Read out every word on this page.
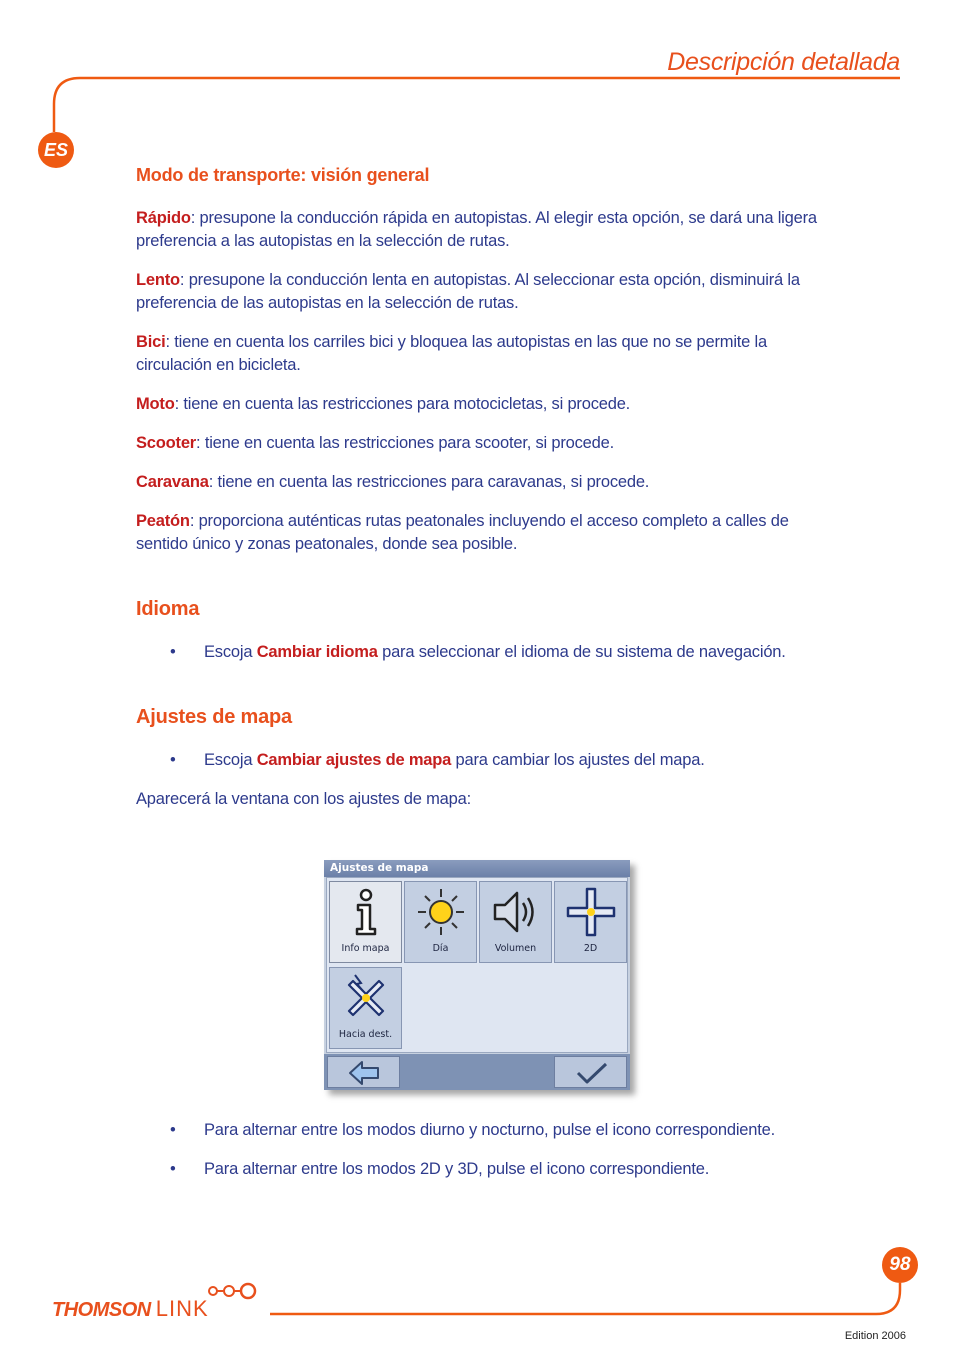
Descripción detallada
ES
Modo de transporte: visión general
Rápido: presupone la conducción rápida en autopistas. Al elegir esta opción, se dará una ligera preferencia a las autopistas en la selección de rutas.
Lento: presupone la conducción lenta en autopistas. Al seleccionar esta opción, disminuirá la preferencia de las autopistas en la selección de rutas.
Bici: tiene en cuenta los carriles bici y bloquea las autopistas en las que no se permite la circulación en bicicleta.
Moto: tiene en cuenta las restricciones para motocicletas, si procede.
Scooter: tiene en cuenta las restricciones para scooter, si procede.
Caravana: tiene en cuenta las restricciones para caravanas, si procede.
Peatón: proporciona auténticas rutas peatonales incluyendo el acceso completo a calles de sentido único y zonas peatonales, donde sea posible.
Idioma
• Escoja Cambiar idioma para seleccionar el idioma de su sistema de navegación.
Ajustes de mapa
• Escoja Cambiar ajustes de mapa para cambiar los ajustes del mapa.
Aparecerá la ventana con los ajustes de mapa:
Ajustes de mapa
Info mapa	Día	Volumen	2D
Hacia dest.
• Para alternar entre los modos diurno y nocturno, pulse el icono correspondiente.
• Para alternar entre los modos 2D y 3D, pulse el icono correspondiente.
THOMSON LINK
98
Edition 2006
